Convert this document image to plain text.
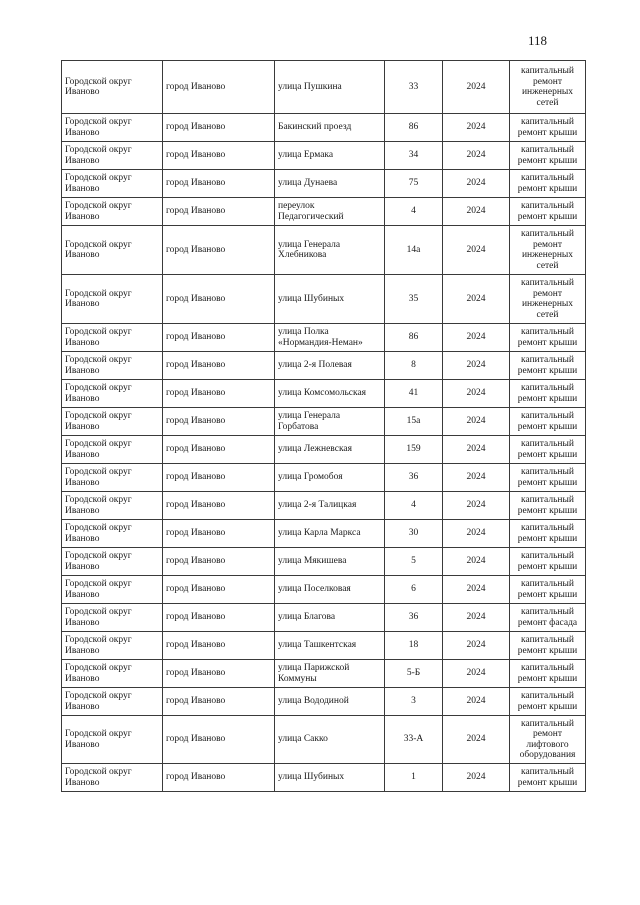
118
Городской округ Иваново	город Иваново	улица Пушкина	33	2024	капитальный ремонт инженерных сетей
Городской округ Иваново	город Иваново	Бакинский проезд	86	2024	капитальный ремонт крыши
Городской округ Иваново	город Иваново	улица Ермака	34	2024	капитальный ремонт крыши
Городской округ Иваново	город Иваново	улица Дунаева	75	2024	капитальный ремонт крыши
Городской округ Иваново	город Иваново	переулок Педагогический	4	2024	капитальный ремонт крыши
Городской округ Иваново	город Иваново	улица Генерала Хлебникова	14а	2024	капитальный ремонт инженерных сетей
Городской округ Иваново	город Иваново	улица Шубиных	35	2024	капитальный ремонт инженерных сетей
Городской округ Иваново	город Иваново	улица Полка «Нормандия-Неман»	86	2024	капитальный ремонт крыши
Городской округ Иваново	город Иваново	улица 2-я Полевая	8	2024	капитальный ремонт крыши
Городской округ Иваново	город Иваново	улица Комсомольская	41	2024	капитальный ремонт крыши
Городской округ Иваново	город Иваново	улица Генерала Горбатова	15а	2024	капитальный ремонт крыши
Городской округ Иваново	город Иваново	улица Лежневская	159	2024	капитальный ремонт крыши
Городской округ Иваново	город Иваново	улица Громобоя	36	2024	капитальный ремонт крыши
Городской округ Иваново	город Иваново	улица 2-я Талицкая	4	2024	капитальный ремонт крыши
Городской округ Иваново	город Иваново	улица Карла Маркса	30	2024	капитальный ремонт крыши
Городской округ Иваново	город Иваново	улица Мякишева	5	2024	капитальный ремонт крыши
Городской округ Иваново	город Иваново	улица Поселковая	6	2024	капитальный ремонт крыши
Городской округ Иваново	город Иваново	улица Благова	36	2024	капитальный ремонт фасада
Городской округ Иваново	город Иваново	улица Ташкентская	18	2024	капитальный ремонт крыши
Городской округ Иваново	город Иваново	улица Парижской Коммуны	5-Б	2024	капитальный ремонт крыши
Городской округ Иваново	город Иваново	улица Вододиной	3	2024	капитальный ремонт крыши
Городской округ Иваново	город Иваново	улица Сакко	33-А	2024	капитальный ремонт лифтового оборудования
Городской округ Иваново	город Иваново	улица Шубиных	1	2024	капитальный ремонт крыши
